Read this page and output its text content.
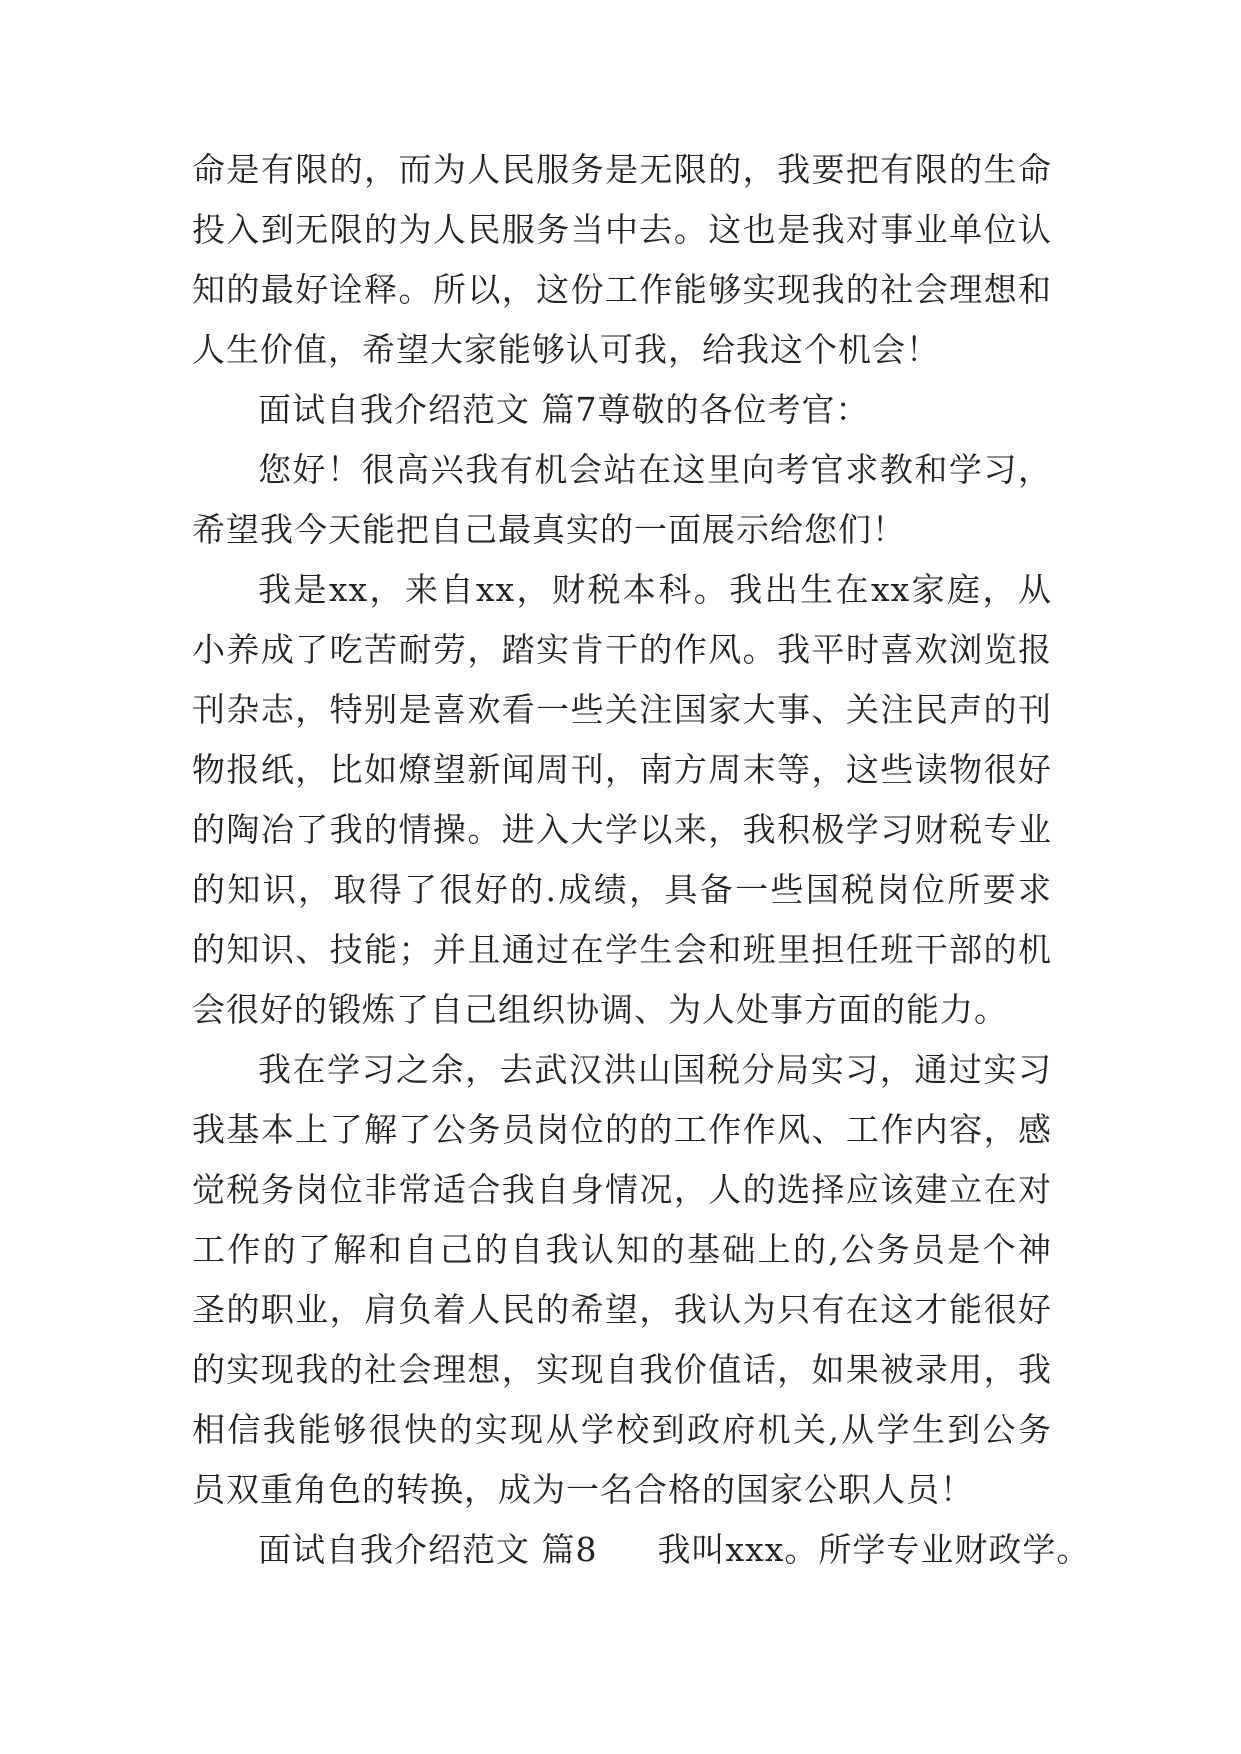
命是有限的，而为人民服务是无限的，我要把有限的生命投入到无限的为人民服务当中去。这也是我对事业单位认知的最好诠释。所以，这份工作能够实现我的社会理想和人生价值，希望大家能够认可我，给我这个机会！

面试自我介绍范文 篇7尊敬的各位考官：

您好！很高兴我有机会站在这里向考官求教和学习，希望我今天能把自己最真实的一面展示给您们！

我是xx，来自xx，财税本科。我出生在xx家庭，从小养成了吃苦耐劳，踏实肯干的作风。我平时喜欢浏览报刊杂志，特别是喜欢看一些关注国家大事、关注民声的刊物报纸，比如燎望新闻周刊，南方周末等，这些读物很好的陶冶了我的情操。进入大学以来，我积极学习财税专业的知识，取得了很好的.成绩，具备一些国税岗位所要求的知识、技能；并且通过在学生会和班里担任班干部的机会很好的锻炼了自己组织协调、为人处事方面的能力。

我在学习之余，去武汉洪山国税分局实习，通过实习我基本上了解了公务员岗位的的工作作风、工作内容，感觉税务岗位非常适合我自身情况，人的选择应该建立在对工作的了解和自己的自我认知的基础上的,公务员是个神圣的职业，肩负着人民的希望，我认为只有在这才能很好的实现我的社会理想，实现自我价值话，如果被录用，我相信我能够很快的实现从学校到政府机关,从学生到公务员双重角色的转换，成为一名合格的国家公职人员！

面试自我介绍范文 篇8 我叫xxx。所学专业财政学。
